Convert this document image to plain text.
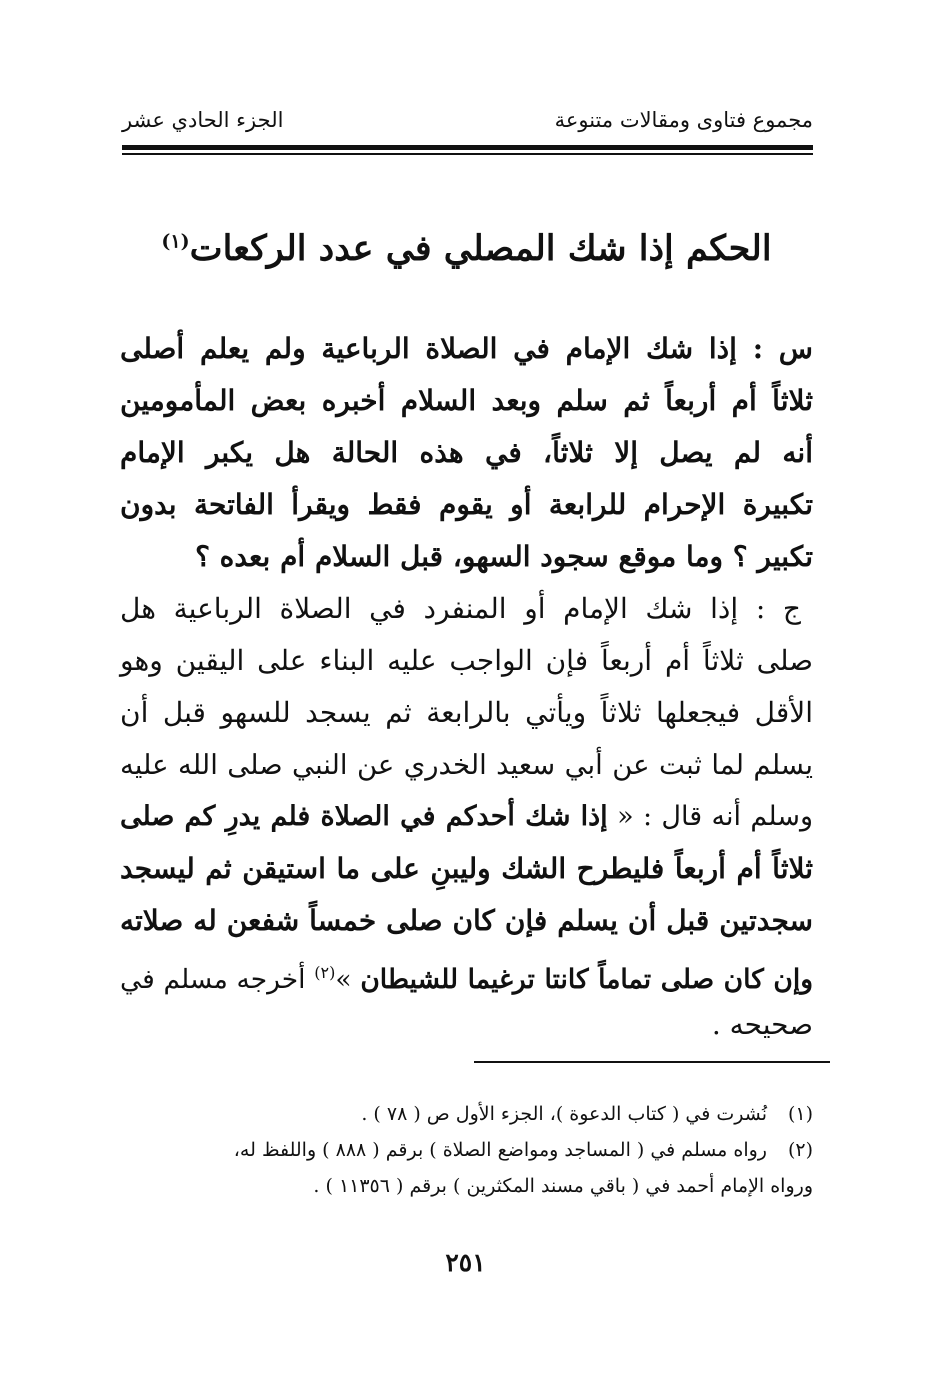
مجموع فتاوى ومقالات متنوعة
الجزء الحادي عشر
الحكم إذا شك المصلي في عدد الركعات$^{(١)}$
س : إذا شك الإمام في الصلاة الرباعية ولم يعلم أصلى
ثلاثاً أم أربعاً ثم سلم وبعد السلام أخبره بعض المأمومين
أنه لم يصل إلا ثلاثاً، في هذه الحالة هل يكبر الإمام
تكبيرة الإحرام للرابعة أو يقوم فقط ويقرأ الفاتحة بدون
تكبير ؟ وما موقع سجود السهو، قبل السلام أم بعده ؟
ج : إذا شك الإمام أو المنفرد في الصلاة الرباعية هل
صلى ثلاثاً أم أربعاً فإن الواجب عليه البناء على اليقين وهو
الأقل فيجعلها ثلاثاً ويأتي بالرابعة ثم يسجد للسهو قبل أن
يسلم لما ثبت عن أبي سعيد الخدري عن النبي صلى الله عليه
وسلم أنه قال : « إذا شك أحدكم في الصلاة فلم يدرِ كم صلى
ثلاثاً أم أربعاً فليطرح الشك وليبنِ على ما استيقن ثم ليسجد
سجدتين قبل أن يسلم فإن كان صلى خمساً شفعن له صلاته
وإن كان صلى تماماً كانتا ترغيما للشيطان »$^{(٢)}$ أخرجه مسلم في
صحيحه .
(١)نُشرت في ( كتاب الدعوة )، الجزء الأول ص ( ٧٨ ) .
(٢)رواه مسلم في ( المساجد ومواضع الصلاة ) برقم ( ٨٨٨ ) واللفظ له،
ورواه الإمام أحمد في ( باقي مسند المكثرين ) برقم ( ١١٣٥٦ ) .
٢٥١
